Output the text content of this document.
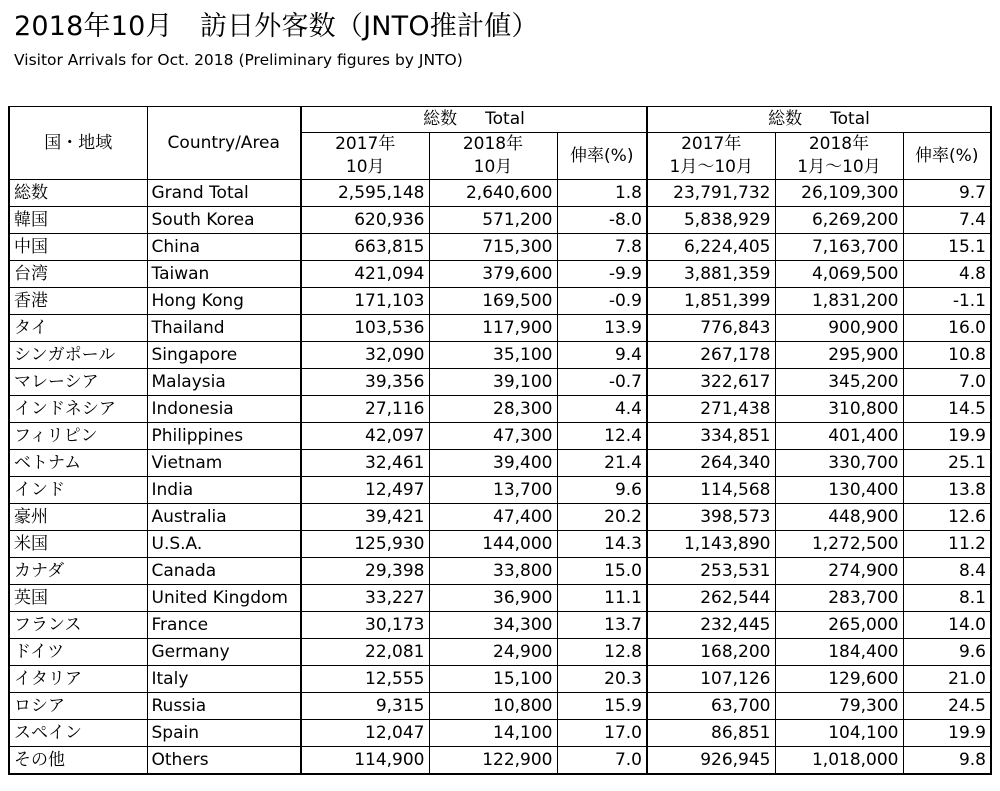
2018年10月　訪日外客数（JNTO推計値）
Visitor Arrivals for Oct. 2018 (Preliminary figures by JNTO)
国・地域	Country/Area	総数 Total			総数 Total		
		2017年	2018年	伸率(%)	2017年	2018年	伸率(%)
		10月	10月		1月～10月	1月～10月	
総数	Grand Total	2,595,148	2,640,600	1.8	23,791,732	26,109,300	9.7
韓国	South Korea	620,936	571,200	-8.0	5,838,929	6,269,200	7.4
中国	China	663,815	715,300	7.8	6,224,405	7,163,700	15.1
台湾	Taiwan	421,094	379,600	-9.9	3,881,359	4,069,500	4.8
香港	Hong Kong	171,103	169,500	-0.9	1,851,399	1,831,200	-1.1
タイ	Thailand	103,536	117,900	13.9	776,843	900,900	16.0
シンガポール	Singapore	32,090	35,100	9.4	267,178	295,900	10.8
マレーシア	Malaysia	39,356	39,100	-0.7	322,617	345,200	7.0
インドネシア	Indonesia	27,116	28,300	4.4	271,438	310,800	14.5
フィリピン	Philippines	42,097	47,300	12.4	334,851	401,400	19.9
ベトナム	Vietnam	32,461	39,400	21.4	264,340	330,700	25.1
インド	India	12,497	13,700	9.6	114,568	130,400	13.8
豪州	Australia	39,421	47,400	20.2	398,573	448,900	12.6
米国	U.S.A.	125,930	144,000	14.3	1,143,890	1,272,500	11.2
カナダ	Canada	29,398	33,800	15.0	253,531	274,900	8.4
英国	United Kingdom	33,227	36,900	11.1	262,544	283,700	8.1
フランス	France	30,173	34,300	13.7	232,445	265,000	14.0
ドイツ	Germany	22,081	24,900	12.8	168,200	184,400	9.6
イタリア	Italy	12,555	15,100	20.3	107,126	129,600	21.0
ロシア	Russia	9,315	10,800	15.9	63,700	79,300	24.5
スペイン	Spain	12,047	14,100	17.0	86,851	104,100	19.9
その他	Others	114,900	122,900	7.0	926,945	1,018,000	9.8
